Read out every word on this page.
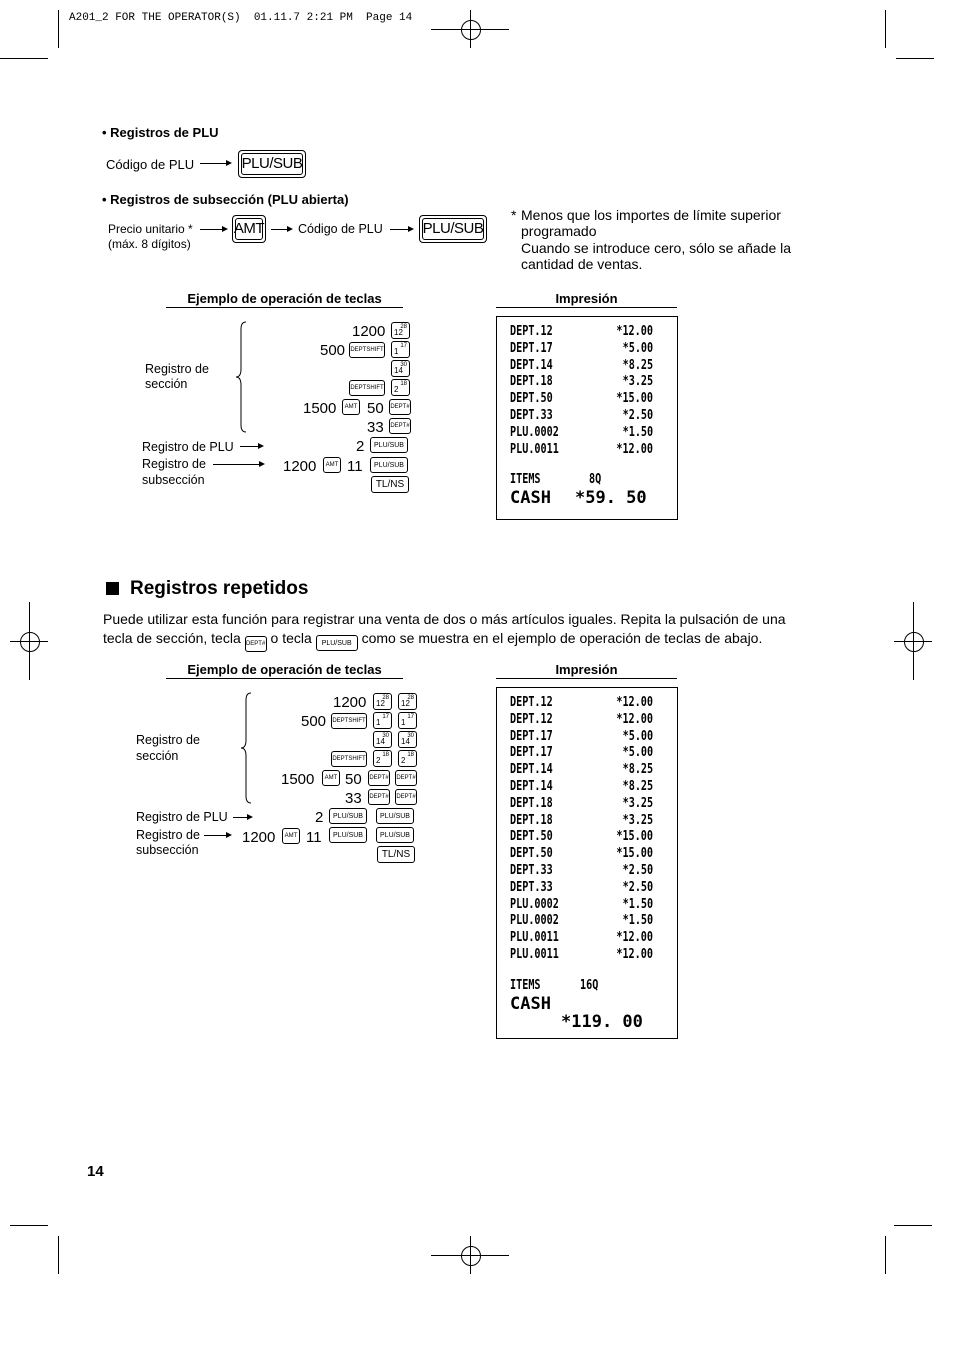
A201_2 FOR THE OPERATOR(S)  01.11.7 2:21 PM  Page 14
• Registros de PLU
Código de PLU	PLU/SUB
• Registros de subsección (PLU abierta)
Precio unitario *
(máx. 8 dígitos)
AMT	Código de PLU	PLU/SUB
* Menos que los importes de límite superior
programado
Cuando se introduce cero, sólo se añade la
cantidad de ventas.
Ejemplo de operación de teclas	Impresión
Registro de
sección
1200 28
12
500 DEPTSHIFT
17
1
30
14
DEPTSHIFT
18
2
1500	AMT 50 DEPT#
33 DEPT#
Registro de PLU	2	PLU/SUB
Registro de
subsección
1200	AMT 11	PLU/SUB
TL/NS
DEPT.12	*12.00
DEPT.17	*5.00
DEPT.14	*8.25
DEPT.18	*3.25
DEPT.50	*15.00
DEPT.33	*2.50
PLU.0002	*1.50
PLU.0011	*12.00
ITEMS	8Q
CASH *59. 50
Registros repetidos
Puede utilizar esta función para registrar una venta de dos o más artículos iguales. Repita la pulsación de una
tecla de sección, tecla DEPT# o tecla PLU/SUB como se muestra en el ejemplo de operación de teclas de abajo.
Ejemplo de operación de teclas	Impresión
Registro de
sección
1200	28
12
28
12
500 DEPTSHIFT
17
1
17
1
30
14
30
14
DEPTSHIFT
18
2
18
2
1500	AMT 50 DEPT# DEPT#
33 DEPT# DEPT#
Registro de PLU	2	PLU/SUB	PLU/SUB
Registro de
subsección
1200	AMT 11	PLU/SUB	PLU/SUB
TL/NS
DEPT.12	*12.00
DEPT.12	*12.00
DEPT.17	*5.00
DEPT.17	*5.00
DEPT.14	*8.25
DEPT.14	*8.25
DEPT.18	*3.25
DEPT.18	*3.25
DEPT.50	*15.00
DEPT.50	*15.00
DEPT.33	*2.50
DEPT.33	*2.50
PLU.0002	*1.50
PLU.0002	*1.50
PLU.0011	*12.00
PLU.0011	*12.00
ITEMS	16Q
CASH
*119. 00
14
